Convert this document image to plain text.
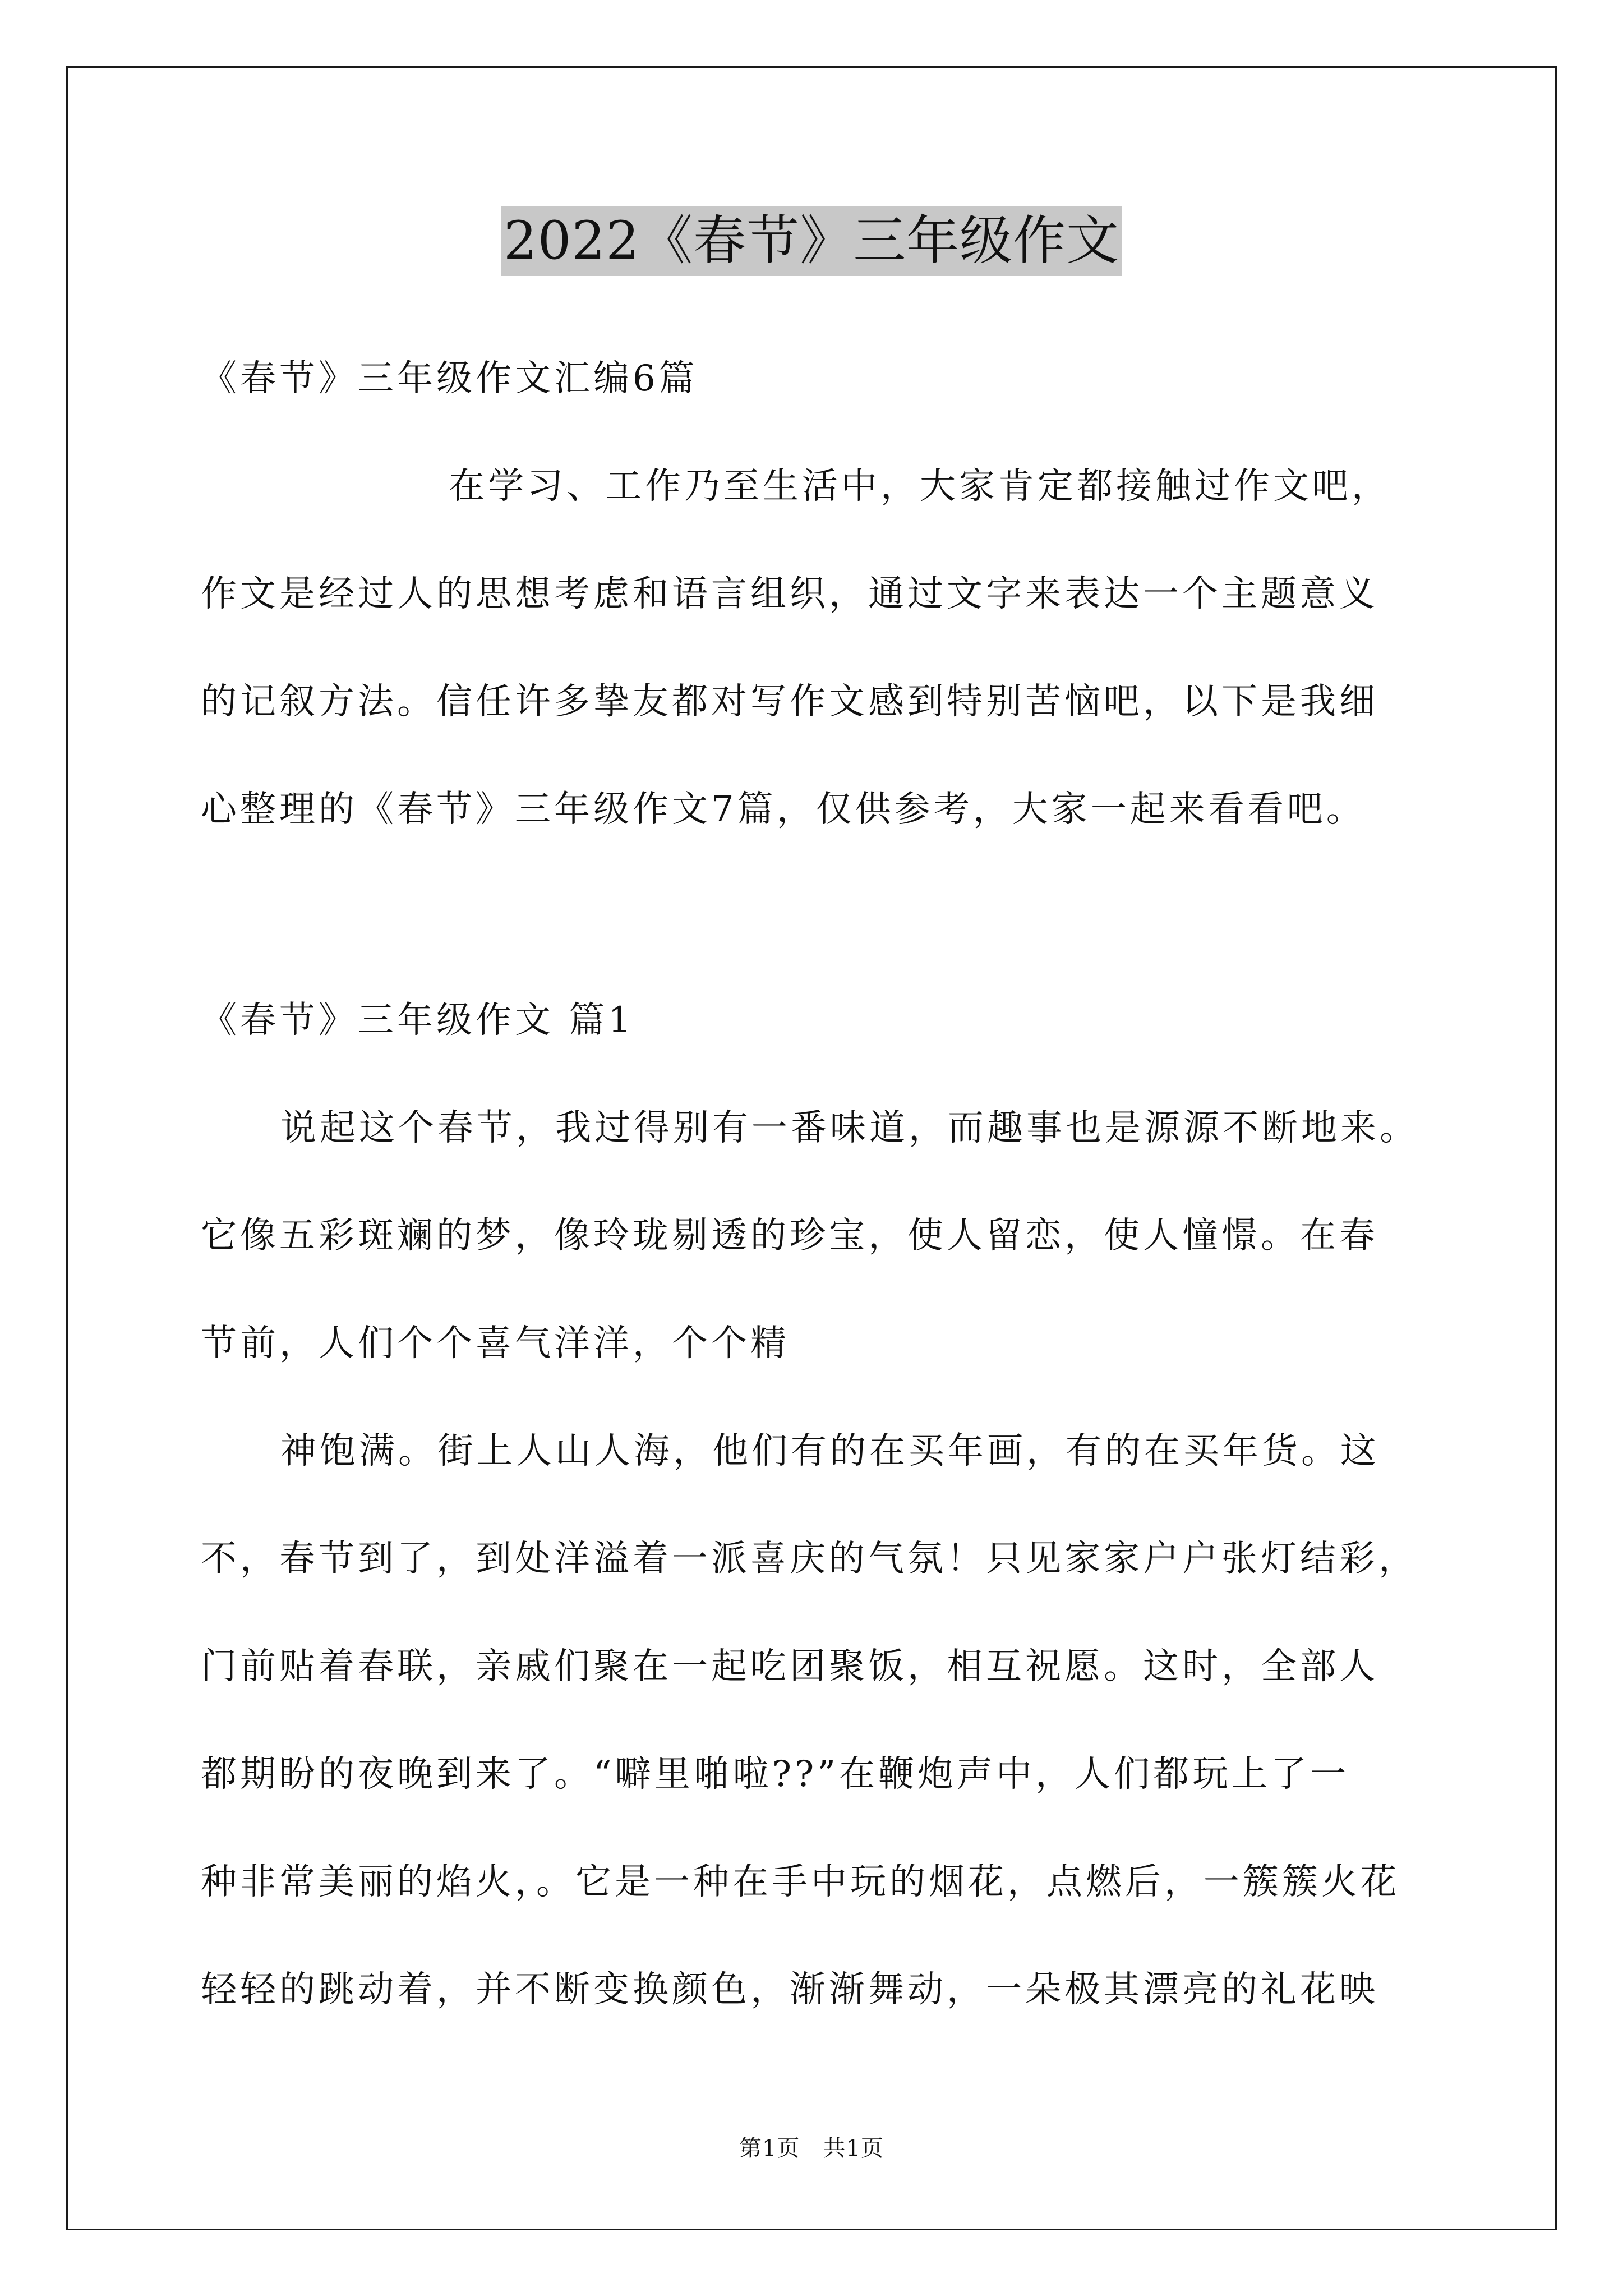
2022《春节》三年级作文
《春节》三年级作文汇编6篇
在学习、工作乃至生活中，大家肯定都接触过作文吧，
作文是经过人的思想考虑和语言组织，通过文字来表达一个主题意义
的记叙方法。信任许多挚友都对写作文感到特别苦恼吧，以下是我细
心整理的《春节》三年级作文7篇，仅供参考，大家一起来看看吧。
《春节》三年级作文 篇1
说起这个春节，我过得别有一番味道，而趣事也是源源不断地来。
它像五彩斑斓的梦，像玲珑剔透的珍宝，使人留恋，使人憧憬。在春
节前，人们个个喜气洋洋，个个精
神饱满。街上人山人海，他们有的在买年画，有的在买年货。这
不，春节到了，到处洋溢着一派喜庆的气氛！只见家家户户张灯结彩，
门前贴着春联，亲戚们聚在一起吃团聚饭，相互祝愿。这时，全部人
都期盼的夜晚到来了。“噼里啪啦??”在鞭炮声中，人们都玩上了一
种非常美丽的焰火，。它是一种在手中玩的烟花，点燃后，一簇簇火花
轻轻的跳动着，并不断变换颜色，渐渐舞动，一朵极其漂亮的礼花映
第1页　共1页
